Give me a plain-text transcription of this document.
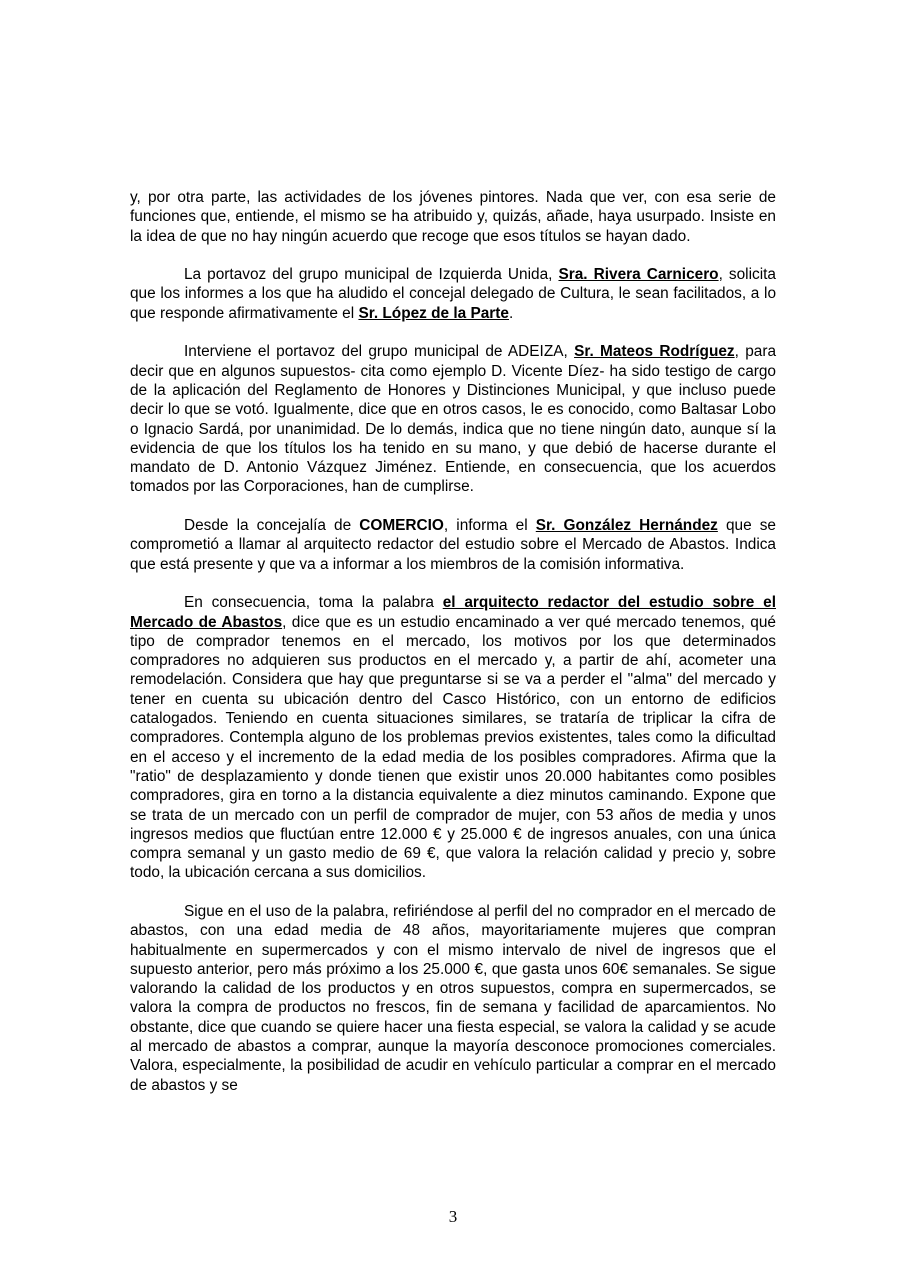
y, por otra parte, las actividades de los jóvenes pintores. Nada que ver, con esa serie de funciones que, entiende, el mismo se ha atribuido y, quizás, añade, haya usurpado. Insiste en la idea de que no hay ningún acuerdo que recoge que esos títulos se hayan dado.

La portavoz del grupo municipal de Izquierda Unida, Sra. Rivera Carnicero, solicita que los informes a los que ha aludido el concejal delegado de Cultura, le sean facilitados, a lo que responde afirmativamente el Sr. López de la Parte.

Interviene el portavoz del grupo municipal de ADEIZA, Sr. Mateos Rodríguez, para decir que en algunos supuestos- cita como ejemplo D. Vicente Díez- ha sido testigo de cargo de la aplicación del Reglamento de Honores y Distinciones Municipal, y que incluso puede decir lo que se votó. Igualmente, dice que en otros casos, le es conocido, como Baltasar Lobo o Ignacio Sardá, por unanimidad. De lo demás, indica que no tiene ningún dato, aunque sí la evidencia de que los títulos los ha tenido en su mano, y que debió de hacerse durante el mandato de D. Antonio Vázquez Jiménez. Entiende, en consecuencia, que los acuerdos tomados por las Corporaciones, han de cumplirse.

Desde la concejalía de COMERCIO, informa el Sr. González Hernández que se comprometió a llamar al arquitecto redactor del estudio sobre el Mercado de Abastos. Indica que está presente y que va a informar a los miembros de la comisión informativa.

En consecuencia, toma la palabra el arquitecto redactor del estudio sobre el Mercado de Abastos, dice que es un estudio encaminado a ver qué mercado tenemos, qué tipo de comprador tenemos en el mercado, los motivos por los que determinados compradores no adquieren sus productos en el mercado y, a partir de ahí, acometer una remodelación. Considera que hay que preguntarse si se va a perder el "alma" del mercado y tener en cuenta su ubicación dentro del Casco Histórico, con un entorno de edificios catalogados. Teniendo en cuenta situaciones similares, se trataría de triplicar la cifra de compradores. Contempla alguno de los problemas previos existentes, tales como la dificultad en el acceso y el incremento de la edad media de los posibles compradores. Afirma que la "ratio" de desplazamiento y donde tienen que existir unos 20.000 habitantes como posibles compradores, gira en torno a la distancia equivalente a diez minutos caminando. Expone que se trata de un mercado con un perfil de comprador de mujer, con 53 años de media y unos ingresos medios que fluctúan entre 12.000 € y 25.000 € de ingresos anuales, con una única compra semanal y un gasto medio de 69 €, que valora la relación calidad y precio y, sobre todo, la ubicación cercana a sus domicilios.

Sigue en el uso de la palabra, refiriéndose al perfil del no comprador en el mercado de abastos, con una edad media de 48 años, mayoritariamente mujeres que compran habitualmente en supermercados y con el mismo intervalo de nivel de ingresos que el supuesto anterior, pero más próximo a los 25.000 €, que gasta unos 60€ semanales. Se sigue valorando la calidad de los productos y en otros supuestos, compra en supermercados, se valora la compra de productos no frescos, fin de semana y facilidad de aparcamientos. No obstante, dice que cuando se quiere hacer una fiesta especial, se valora la calidad y se acude al mercado de abastos a comprar, aunque la mayoría desconoce promociones comerciales. Valora, especialmente, la posibilidad de acudir en vehículo particular a comprar en el mercado de abastos y se

3
